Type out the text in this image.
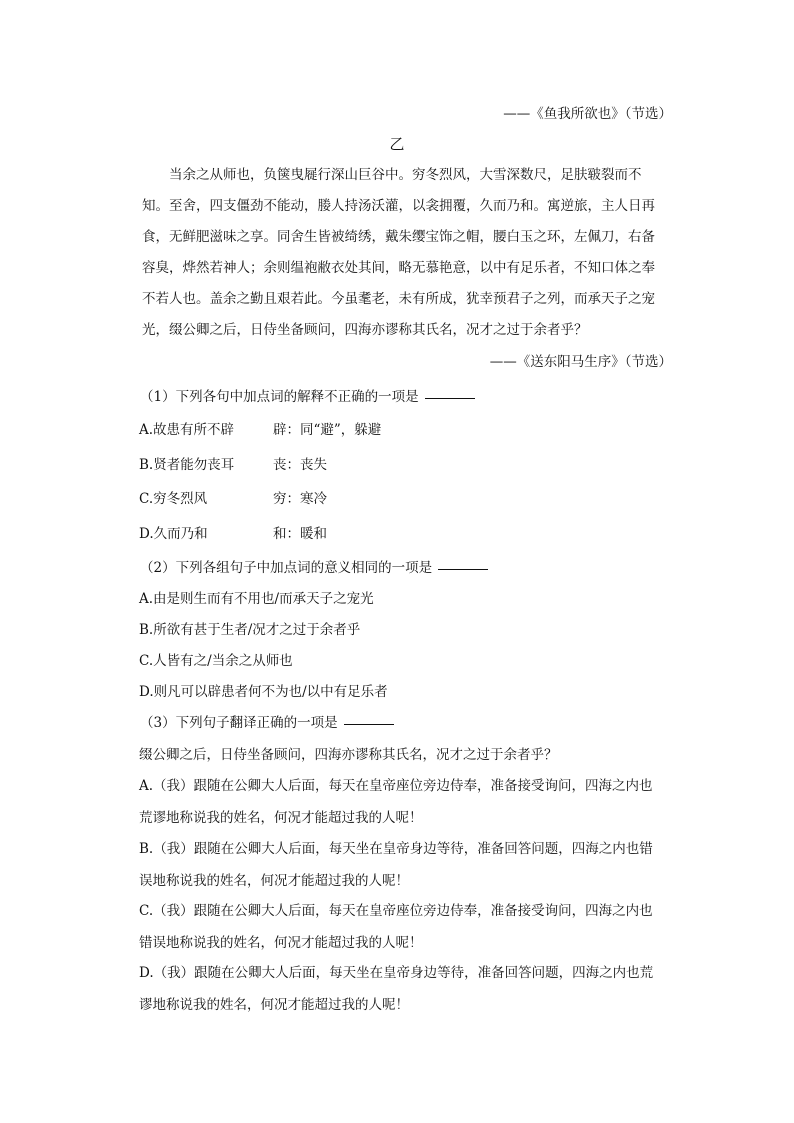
——《鱼我所欲也》（节选）
乙
当余之从师也，负箧曳屣行深山巨谷中。穷冬烈风，大雪深数尺，足肤皲裂而不
知。至舍，四支僵劲不能动，媵人持汤沃灌，以衾拥覆，久而乃和。寓逆旅，主人日再
食，无鲜肥滋味之享。同舍生皆被绮绣，戴朱缨宝饰之帽，腰白玉之环，左佩刀，右备
容臭，烨然若神人；余则缊袍敝衣处其间，略无慕艳意，以中有足乐者，不知口体之奉
不若人也。盖余之勤且艰若此。今虽耄老，未有所成，犹幸预君子之列，而承天子之宠
光，缀公卿之后，日侍坐备顾问，四海亦谬称其氏名，况才之过于余者乎？
——《送东阳马生序》（节选）
（1）下列各句中加点词的解释不正确的一项是
A.故患有所不辟	辟：同“避”，躲避
B.贤者能勿丧耳	丧：丧失
C.穷冬烈风	穷：寒冷
D.久而乃和	和：暖和
（2）下列各组句子中加点词的意义相同的一项是
A.由是则生而有不用也/而承天子之宠光
B.所欲有甚于生者/况才之过于余者乎
C.人皆有之/当余之从师也
D.则凡可以辟患者何不为也/以中有足乐者
（3）下列句子翻译正确的一项是
缀公卿之后，日侍坐备顾问，四海亦谬称其氏名，况才之过于余者乎？
A.（我）跟随在公卿大人后面，每天在皇帝座位旁边侍奉，准备接受询问，四海之内也
荒谬地称说我的姓名，何况才能超过我的人呢！
B.（我）跟随在公卿大人后面，每天坐在皇帝身边等待，准备回答问题，四海之内也错
误地称说我的姓名，何况才能超过我的人呢！
C.（我）跟随在公卿大人后面，每天在皇帝座位旁边侍奉，准备接受询问，四海之内也
错误地称说我的姓名，何况才能超过我的人呢！
D.（我）跟随在公卿大人后面，每天坐在皇帝身边等待，准备回答问题，四海之内也荒
谬地称说我的姓名，何况才能超过我的人呢！
